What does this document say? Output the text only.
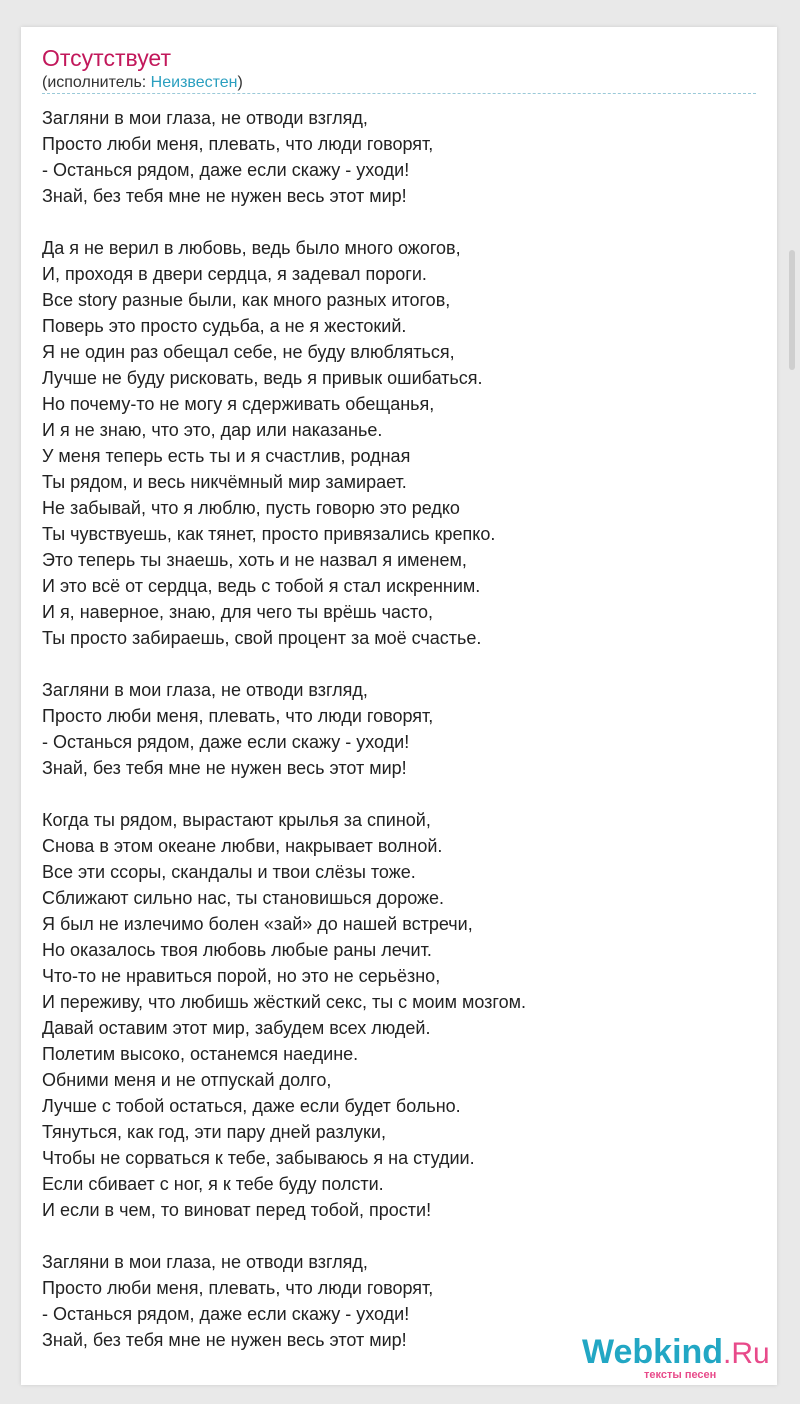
Отсутствует
(исполнитель: Неизвестен)
Загляни в мои глаза, не отводи взгляд,
Просто люби меня, плевать, что люди говорят,
- Останься рядом, даже если скажу - уходи!
Знай, без тебя мне не нужен весь этот мир!
Да я не верил в любовь, ведь было много ожогов,
И, проходя в двери сердца, я задевал пороги.
Все story разные были, как много разных итогов,
Поверь это просто судьба, а не я жестокий.
Я не один раз обещал себе, не буду влюбляться,
Лучше не буду рисковать, ведь я привык ошибаться.
Но почему-то не могу я сдерживать обещанья,
И я не знаю, что это, дар или наказанье.
У меня теперь есть ты и я счастлив, родная
Ты рядом, и весь никчёмный мир замирает.
Не забывай, что я люблю, пусть говорю это редко
Ты чувствуешь, как тянет, просто привязались крепко.
Это теперь ты знаешь, хоть и не назвал я именем,
И это всё от сердца, ведь с тобой я стал искренним.
И я, наверное, знаю, для чего ты врёшь часто,
Ты просто забираешь, свой процент за моё счастье.
Загляни в мои глаза, не отводи взгляд,
Просто люби меня, плевать, что люди говорят,
- Останься рядом, даже если скажу - уходи!
Знай, без тебя мне не нужен весь этот мир!
Когда ты рядом, вырастают крылья за спиной,
Снова в этом океане любви, накрывает волной.
Все эти ссоры, скандалы и твои слёзы тоже.
Сближают сильно нас, ты становишься дороже.
Я был не излечимо болен «зай» до нашей встречи,
Но оказалось твоя любовь любые раны лечит.
Что-то не нравиться порой, но это не серьёзно,
И переживу, что любишь жёсткий секс, ты с моим мозгом.
Давай оставим этот мир, забудем всех людей.
Полетим высоко, останемся наедине.
Обними меня и не отпускай долго,
Лучше с тобой остаться, даже если будет больно.
Тянуться, как год, эти пару дней разлуки,
Чтобы не сорваться к тебе, забываюсь я на студии.
Если сбивает с ног, я к тебе буду полсти.
И если в чем, то виноват перед тобой, прости!
Загляни в мои глаза, не отводи взгляд,
Просто люби меня, плевать, что люди говорят,
- Останься рядом, даже если скажу - уходи!
Знай, без тебя мне не нужен весь этот мир!	Webkind.Ru
тексты песен
